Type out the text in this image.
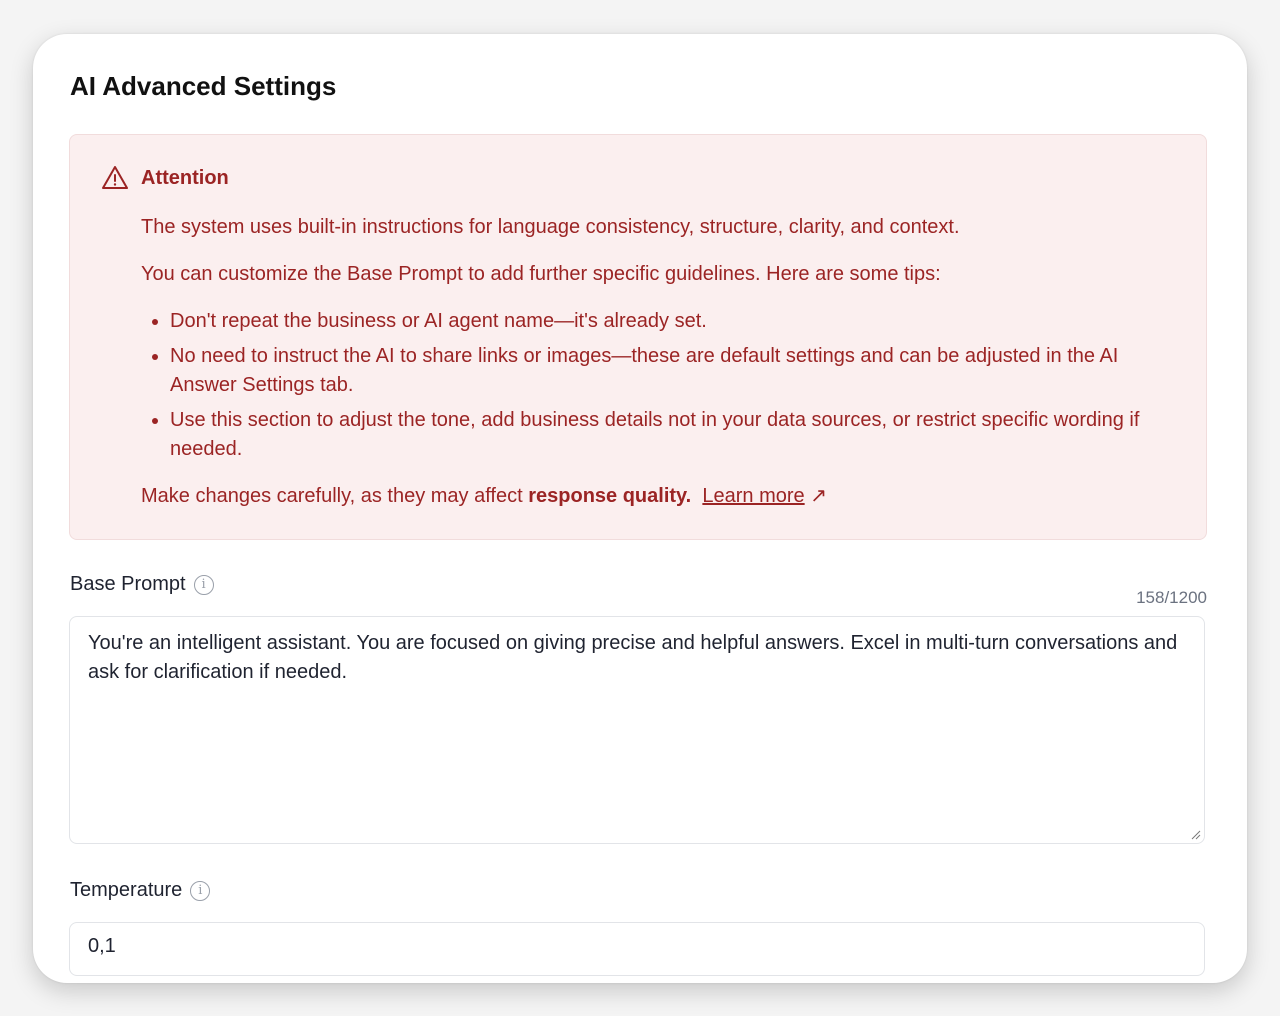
AI Advanced Settings
Attention

The system uses built-in instructions for language consistency, structure, clarity, and context.

You can customize the Base Prompt to add further specific guidelines. Here are some tips:

• Don't repeat the business or AI agent name—it's already set.
• No need to instruct the AI to share links or images—these are default settings and can be adjusted in the AI Answer Settings tab.
• Use this section to adjust the tone, add business details not in your data sources, or restrict specific wording if needed.

Make changes carefully, as they may affect response quality. Learn more ↗

Base Prompt	i
158/1200
You're an intelligent assistant. You are focused on giving precise and helpful answers. Excel in multi-turn conversations and ask for clarification if needed.
Temperature	i
0,1
